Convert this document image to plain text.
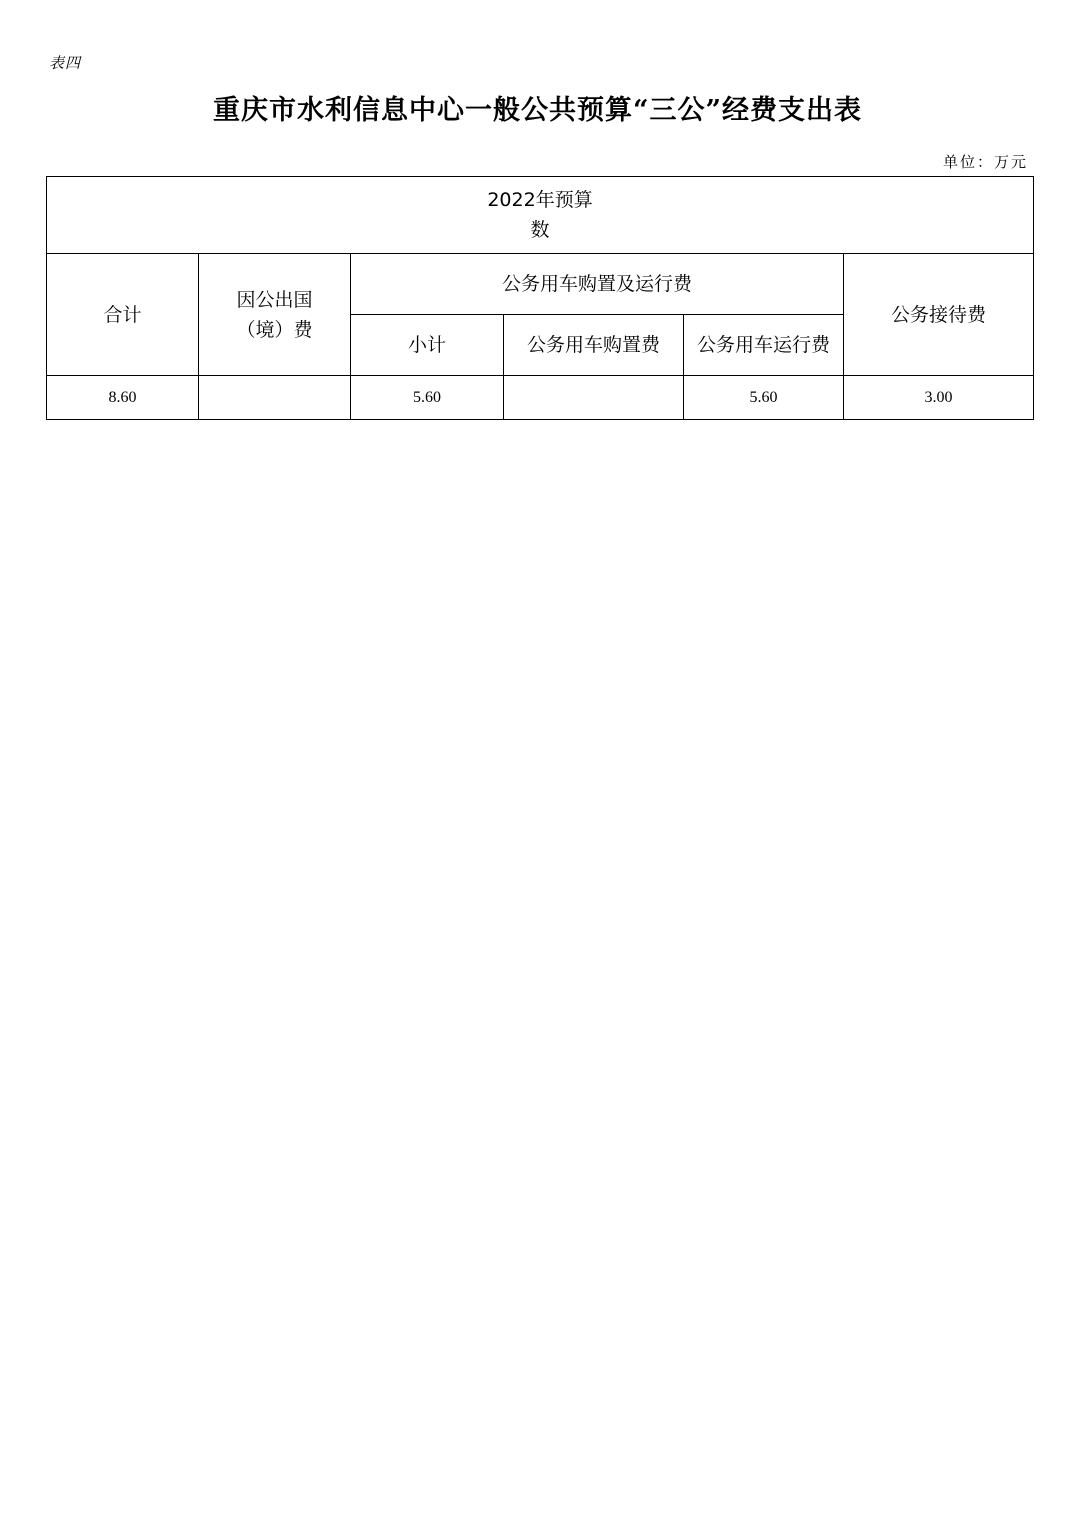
表四
重庆市水利信息中心一般公共预算“三公”经费支出表
单位：万元
2022年预算数					
合计	因公出国（境）费	公务用车购置及运行费			公务接待费
		小计	公务用车购置费	公务用车运行费	
8.60		5.60		5.60	3.00
